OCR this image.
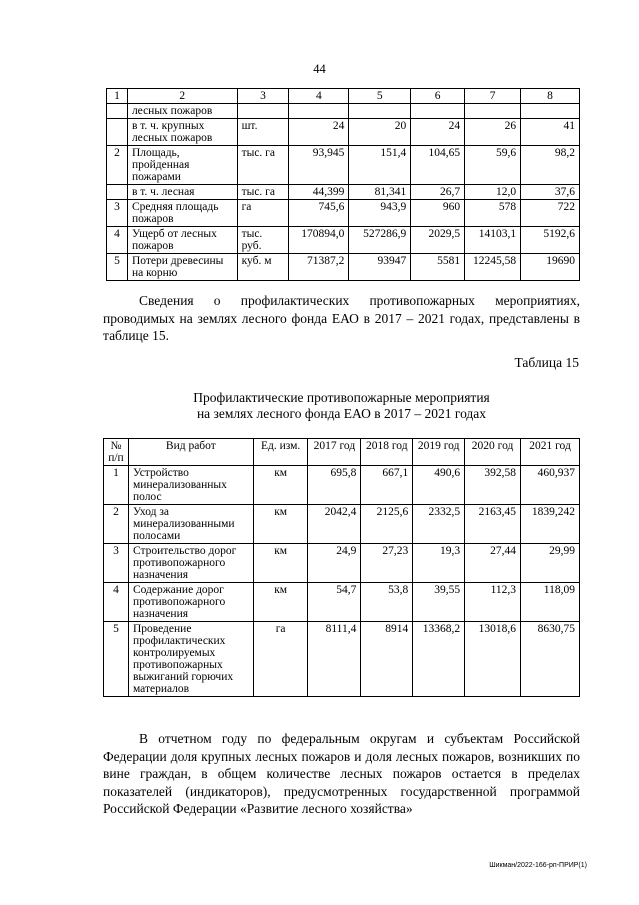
44
1	2	3	4	5	6	7	8
	лесных пожаров						
	в т. ч. крупных лесных пожаров	шт.	24	20	24	26	41
2	Площадь, пройденная пожарами	тыс. га	93,945	151,4	104,65	59,6	98,2
	в т. ч. лесная	тыс. га	44,399	81,341	26,7	12,0	37,6
3	Средняя площадь пожаров	га	745,6	943,9	960	578	722
4	Ущерб от лесных пожаров	тыс. руб.	170894,0	527286,9	2029,5	14103,1	5192,6
5	Потери древесины на корню	куб. м	71387,2	93947	5581	12245,58	19690
Сведения о профилактических противопожарных мероприятиях, проводимых на землях лесного фонда ЕАО в 2017 – 2021 годах, представлены в таблице 15.
Таблица 15
Профилактические противопожарные мероприятия
на землях лесного фонда ЕАО в 2017 – 2021 годах
№ п/п	Вид работ	Ед. изм.	2017 год	2018 год	2019 год	2020 год	2021 год
1	Устройство минерализованных полос	км	695,8	667,1	490,6	392,58	460,937
2	Уход за минерализованными полосами	км	2042,4	2125,6	2332,5	2163,45	1839,242
3	Строительство дорог противопожарного назначения	км	24,9	27,23	19,3	27,44	29,99
4	Содержание дорог противопожарного назначения	км	54,7	53,8	39,55	112,3	118,09
5	Проведение профилактических контролируемых противопожарных выжиганий горючих материалов	га	8111,4	8914	13368,2	13018,6	8630,75
В отчетном году по федеральным округам и субъектам Российской Федерации доля крупных лесных пожаров и доля лесных пожаров, возникших по вине граждан, в общем количестве лесных пожаров остается в пределах показателей (индикаторов), предусмотренных государственной программой Российской Федерации «Развитие лесного хозяйства»
Шикман/2022-166-рп-ПРИР(1)
